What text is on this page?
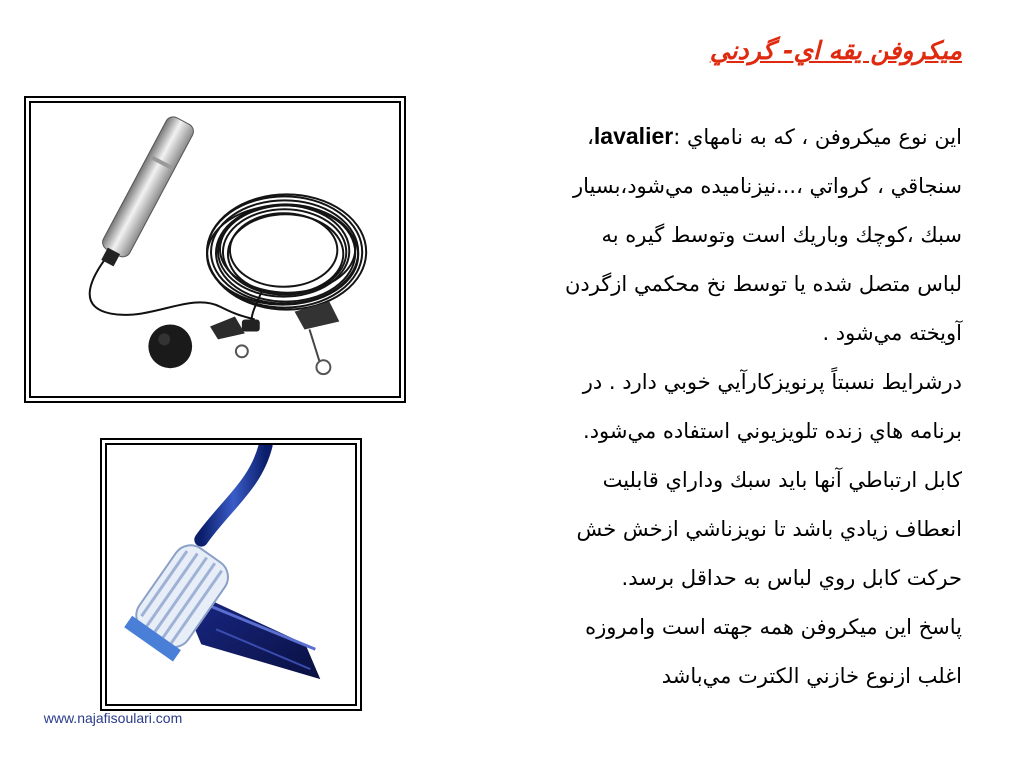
ميكروفن يقه اي- گردني

اين نوع ميكروفن ، كه به نامهاي :lavalier،

سنجاقي ، كرواتي ،...نيزناميده مي‌شود،بسيار

سبك ،كوچك وباريك است وتوسط گيره به

لباس متصل شده يا توسط نخ محكمي ازگردن

آويخته مي‌شود .

درشرايط نسبتاً پرنويزكارآيي خوبي دارد . در

برنامه هاي زنده تلويزيوني استفاده مي‌شود.

كابل ارتباطي آنها بايد سبك وداراي قابليت

انعطاف زيادي باشد تا نويزناشي ازخش خش

حركت كابل روي لباس به حداقل برسد.

پاسخ اين ميكروفن همه جهته است وامروزه

اغلب ازنوع خازني الكترت مي‌باشد

www.najafisoulari.com
